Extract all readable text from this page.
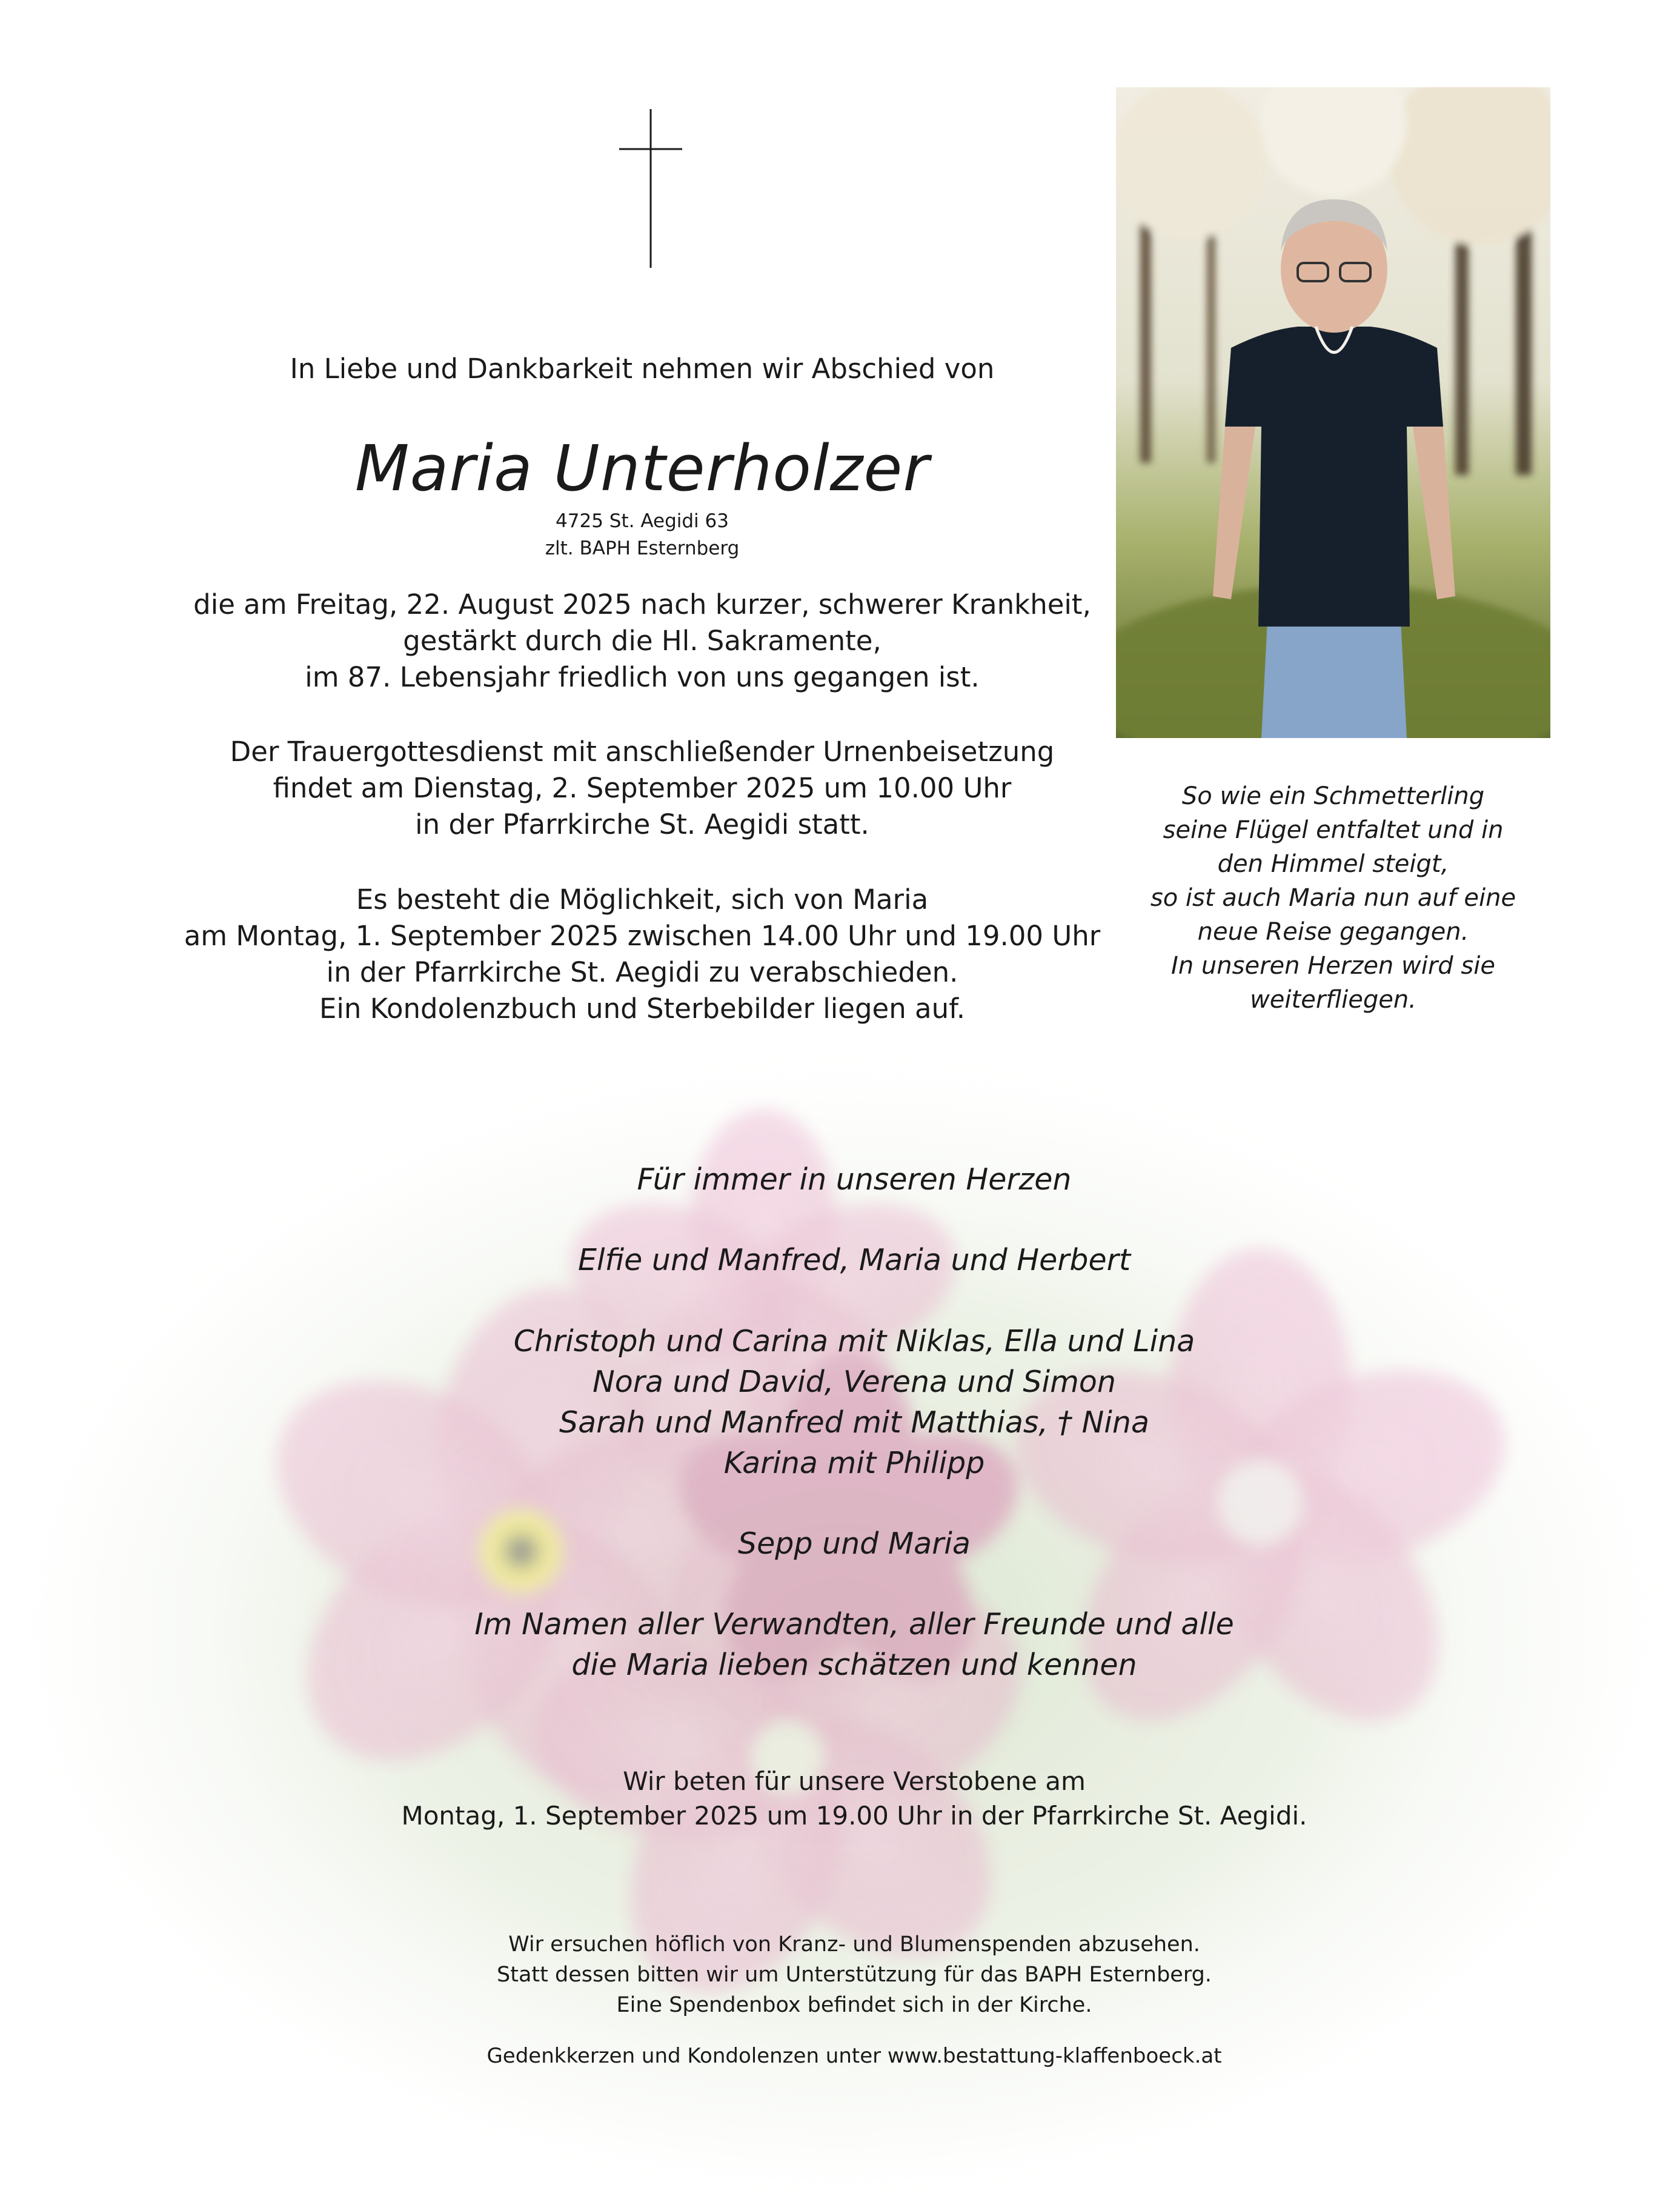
In Liebe und Dankbarkeit nehmen wir Abschied von
Maria Unterholzer
4725 St. Aegidi 63
zlt. BAPH Esternberg
die am Freitag, 22. August 2025 nach kurzer, schwerer Krankheit,
gestärkt durch die Hl. Sakramente,
im 87. Lebensjahr friedlich von uns gegangen ist.
Der Trauergottesdienst mit anschließender Urnenbeisetzung
findet am Dienstag, 2. September 2025 um 10.00 Uhr
in der Pfarrkirche St. Aegidi statt.
Es besteht die Möglichkeit, sich von Maria
am Montag, 1. September 2025 zwischen 14.00 Uhr und 19.00 Uhr
in der Pfarrkirche St. Aegidi zu verabschieden.
Ein Kondolenzbuch und Sterbebilder liegen auf.
So wie ein Schmetterling
seine Flügel entfaltet und in
den Himmel steigt,
so ist auch Maria nun auf eine
neue Reise gegangen.
In unseren Herzen wird sie
weiterfliegen.
Für immer in unseren Herzen
Elfie und Manfred, Maria und Herbert
Christoph und Carina mit Niklas, Ella und Lina
Nora und David, Verena und Simon
Sarah und Manfred mit Matthias, † Nina
Karina mit Philipp
Sepp und Maria
Im Namen aller Verwandten, aller Freunde und alle
die Maria lieben schätzen und kennen
Wir beten für unsere Verstobene am
Montag, 1. September 2025 um 19.00 Uhr in der Pfarrkirche St. Aegidi.
Wir ersuchen höflich von Kranz- und Blumenspenden abzusehen.
Statt dessen bitten wir um Unterstützung für das BAPH Esternberg.
Eine Spendenbox befindet sich in der Kirche.
Gedenkkerzen und Kondolenzen unter www.bestattung-klaffenboeck.at
